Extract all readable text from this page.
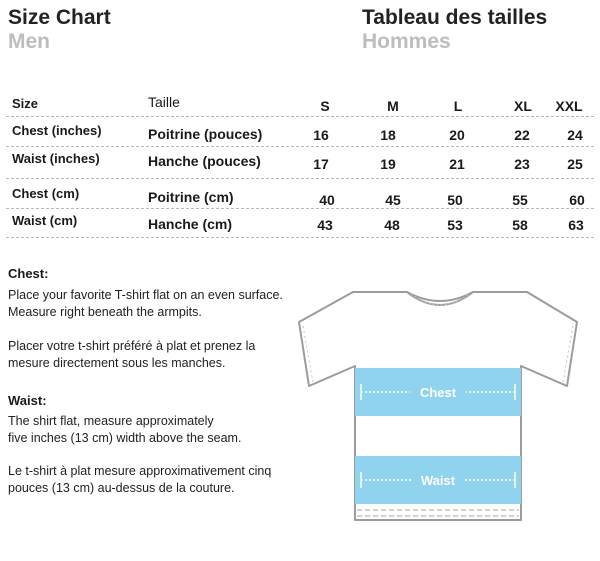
Size Chart
Men
Tableau des tailles
Hommes
Size	Taille	S	M	L	XL	XXL
Chest (inches)	Poitrine (pouces)	16	18	20	22	24
Waist (inches)	Hanche (pouces)	17	19	21	23	25
Chest (cm)	Poitrine (cm)	40	45	50	55	60
Waist (cm)	Hanche (cm)	43	48	53	58	63
Chest:
Place your favorite T-shirt flat on an even surface.
Measure right beneath the armpits.
Placer votre t-shirt préféré à plat et prenez la
mesure directement sous les manches.
Waist:
The shirt flat, measure approximately
five inches (13 cm) width above the seam.
Le t-shirt à plat mesure approximativement cinq
pouces (13 cm) au-dessus de la couture.
Chest
Waist
